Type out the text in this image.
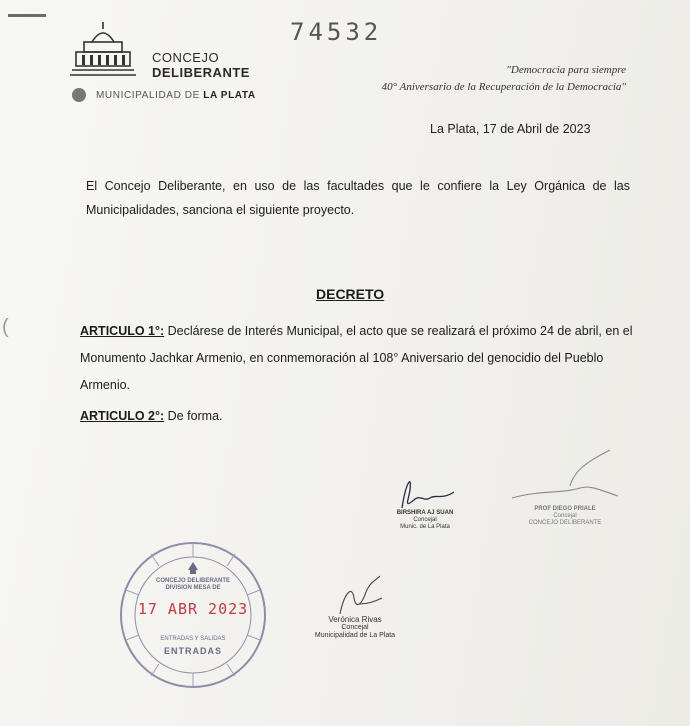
CONCEJO
DELIBERANTE
MUNICIPALIDAD DE LA PLATA
74532
"Democracia para siempre
40° Aniversario de la Recuperación de la Democracia"
La Plata, 17 de Abril de 2023
El Concejo Deliberante, en uso de las facultades que le confiere la Ley Orgánica de las Municipalidades, sanciona el siguiente proyecto.
DECRETO
(	ARTICULO 1°: Declárese de Interés Municipal, el acto que se realizará el próximo 24 de abril, en el Monumento Jachkar Armenio, en conmemoración al 108° Aniversario del genocidio del Pueblo Armenio.
ARTICULO 2°: De forma.
BIRSHIRA AJ SUAN
Concejal
Munic. de La Plata
PROF DIEGO PRIALE
Concejal
CONCEJO DELIBERANTE
Verónica Rivas
Concejal
Municipalidad de La Plata
CONCEJO DELIBERANTE
DIVISION MESA DE
17 ABR 2023
ENTRADAS Y SALIDAS
ENTRADAS
